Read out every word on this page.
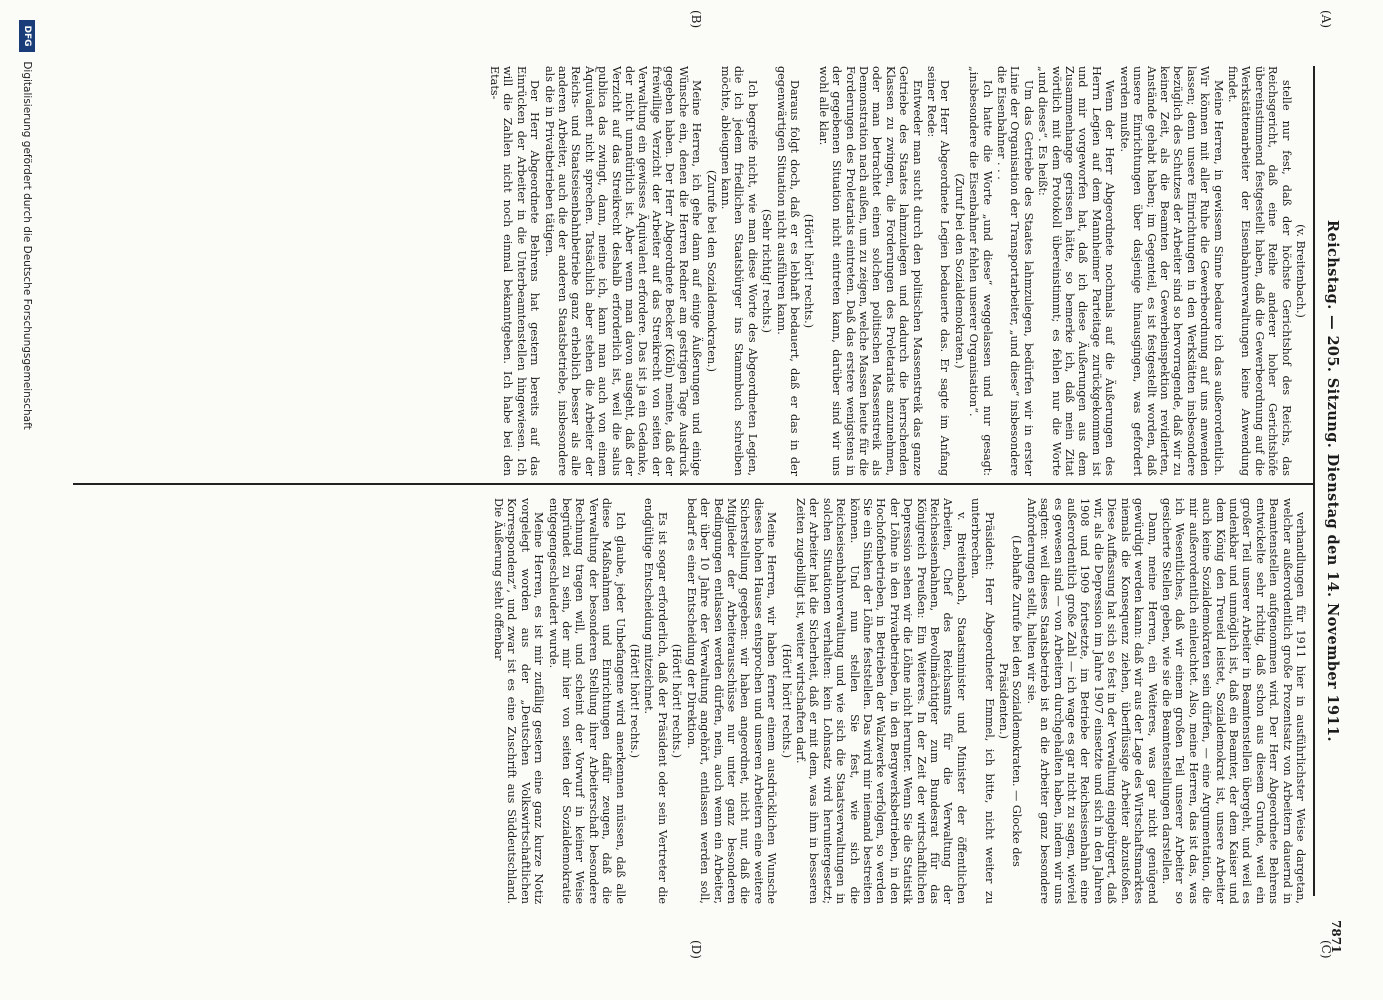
Reichstag. — 205. Sitzung. Dienstag den 14. November 1911.

(v. Breitenbach.)

stelle nur fest, daß der höchste Gerichtshof des Reichs, das Reichsgericht, daß eine Reihe anderer hoher Gerichtshöfe übereinstimmend festgestellt haben, daß die Gewerbeordnung auf die Werkstättenarbeiter der Eisenbahnverwaltungen keine Anwendung findet.

Meine Herren, in gewissem Sinne bedaure ich das außerordentlich. Wir können mit aller Ruhe die Gewerbeordnung auf uns anwenden lassen; denn unsere Einrichtungen in den Werkstätten insbesondere bezüglich des Schutzes der Arbeiter sind so hervorragende, daß wir zu keiner Zeit, als die Beamten der Gewerbeinspektion revidierten, Anstände gehabt haben; im Gegenteil, es ist festgestellt worden, daß unsere Einrichtungen über dasjenige hinausgingen, was gefordert werden mußte.

Wenn der Herr Abgeordnete nochmals auf die Äußerungen des Herrn Legien auf dem Mannheimer Parteitage zurückgekommen ist und mir vorgeworfen hat, daß ich diese Äußerungen aus dem Zusammenhange gerissen hätte, so bemerke ich, daß mein Zitat wörtlich mit dem Protokoll übereinstimmt; es fehlen nur die Worte „und dieses“. Es heißt:

Um das Getriebe des Staates lahmzulegen, bedürfen wir in erster Linie der Organisation der Transportarbeiter, „und diese“ insbesondere die Eisenbahner . . .

Ich hatte die Worte „und diese“ weggelassen und nur gesagt: „insbesondere die Eisenbahner fehlen unserer Organisation“.

(Zuruf bei den Sozialdemokraten.)

Der Herr Abgeordnete Legien bedauerte das. Er sagte im Anfang seiner Rede:

Entweder man sucht durch den politischen Massenstreik das ganze Getriebe des Staates lahmzulegen und dadurch die herrschenden Klassen zu zwingen, die Forderungen des Proletariats anzunehmen, oder man betrachtet einen solchen politischen Massenstreik als Demonstration nach außen, um zu zeigen, welche Massen heute für die Forderungen des Proletariats eintreten. Daß das erstere wenigstens in der gegebenen Situation nicht eintreten kann, darüber sind wir uns wohl alle klar.

(Hört! hört! rechts.)

Daraus folgt doch, daß er es lebhaft bedauert, daß er das in der gegenwärtigen Situation nicht ausführen kann.

(Sehr richtig! rechts.)

Ich begreife nicht, wie man diese Worte des Abgeordneten Legien, die ich jedem friedlichen Staatsbürger ins Stammbuch schreiben möchte, ableugnen kann.

(Zurufe bei den Sozialdemokraten.)

Meine Herren, ich gehe dann auf einige Äußerungen und einige Wünsche ein, denen die Herren Redner am gestrigen Tage Ausdruck gegeben haben. Der Herr Abgeordnete Becker (Köln) meinte, daß der freiwillige Verzicht der Arbeiter auf das Streikrecht von seiten der Verwaltung ein gewisses Äquivalent erfordere. Das ist ja ein Gedanke, der nicht unnatürlich ist. Aber wenn man davon ausgeht, daß der Verzicht auf das Streikrecht deshalb erforderlich ist, weil die salus publica das zwingt, dann, meine ich, kann man auch von einem Äquivalent nicht sprechen. Tatsächlich aber stehen die Arbeiter der Reichs- und Staatseisenbahnbetriebe ganz erheblich besser als alle anderen Arbeiter, auch die der anderen Staatsbetriebe, insbesondere als die in Privatbetrieben tätigen.

Der Herr Abgeordnete Behrens hat gestern bereits auf das Einrücken der Arbeiter in die Unterbeamtenstellen hingewiesen. Ich will die Zahlen nicht noch einmal bekanntgeben. Ich habe bei den Etats-

verhandlungen für 1911 hier in ausführlichster Weise dargetan, welcher außerordentlich große Prozentsatz von Arbeitern dauernd in Beamtenstellen aufgenommen wird. Der Herr Abgeordnete Behrens entwickelte sehr richtig, daß schon aus diesem Grunde, weil ein großer Teil unserer Arbeiter in Beamtenstellen übergeht, und weil es undenkbar und unmöglich ist, daß ein Beamter, der dem Kaiser und dem König den Treueid leistet, Sozialdemokrat ist, unsere Arbeiter auch keine Sozialdemokraten sein dürfen, — eine Argumentation, die mir außerordentlich einleuchtet. Also, meine Herren, das ist das, was ich Wesentliches, daß wir einem großen Teil unserer Arbeiter so gesicherte Stellen geben, wie sie die Beamtenstellungen darstellen.

Dann, meine Herren, ein Weiteres, was gar nicht genügend gewürdigt werden kann: daß wir aus der Lage des Wirtschaftsmarktes niemals die Konsequenz ziehen, überflüssige Arbeiter abzustoßen. Diese Auffassung hat sich so fest in der Verwaltung eingebürgert, daß wir, als die Depression im Jahre 1907 einsetzte und sich in den Jahren 1908 und 1909 fortsetzte, im Betriebe der Reichseisenbahn eine außerordentlich große Zahl — ich wage es gar nicht zu sagen, wieviel es gewesen sind — von Arbeitern durchgehalten haben, indem wir uns sagten: weil dieses Staatsbetrieb ist an die Arbeiter ganz besondere Anforderungen stellt, halten wir sie.

(Lebhafte Zurufe bei den Sozialdemokraten. — Glocke des Präsidenten.)

Präsident: Herr Abgeordneter Emmel, ich bitte, nicht weiter zu unterbrechen.

v. Breitenbach, Staatsminister und Minister der öffentlichen Arbeiten, Chef des Reichsamts für die Verwaltung der Reichseisenbahnen, Bevollmächtigter zum Bundesrat für das Königreich Preußen: Ein Weiteres. In der Zeit der wirtschaftlichen Depression sehen wir die Löhne nicht herunter. Wenn Sie die Statistik der Löhne in den Privatbetrieben, in den Bergwerksbetrieben, in den Hochofenbetrieben, in Betrieben der Walzwerke verfolgen, so werden Sie ein Sinken der Löhne feststellen. Das wird mir niemand bestreiten können. Und nun stellen Sie fest, wie sich die Reichseisenbahnverwaltung und wie sich die Staatsverwaltungen in solchen Situationen verhalten: kein Lohnsatz wird heruntergesetzt; der Arbeiter hat die Sicherheit, daß er mit dem, was ihm in besseren Zeiten zugebilligt ist, weiter wirtschaften darf.

(Hört! hört! rechts.)

Meine Herren, wir haben ferner einem ausdrücklichen Wunsche dieses hohen Hauses entsprochen und unseren Arbeitern eine weitere Sicherstellung gegeben: wir haben angeordnet, nicht nur, daß die Mitglieder der Arbeiterausschüsse nur unter ganz besonderen Bedingungen entlassen werden dürfen, nein, auch wenn ein Arbeiter, der über 10 Jahre der Verwaltung angehört, entlassen werden soll, bedarf es einer Entscheidung der Direktion.

(Hört! hört! rechts.)

Es ist sogar erforderlich, daß der Präsident oder sein Vertreter die endgültige Entscheidung mitzeichnet.

(Hört! hört! rechts.)

Ich glaube, jeder Unbefangene wird anerkennen müssen, daß alle diese Maßnahmen und Einrichtungen dafür zeugen, daß die Verwaltung der besonderen Stellung ihrer Arbeiterschaft besondere Rechnung tragen will, und scheint der Vorwurf in keiner Weise begründet zu sein, der mir hier von seiten der Sozialdemokratie entgegengeschleudert wurde.

Meine Herren, es ist mir zufällig gestern eine ganz kurze Notiz vorgelegt worden aus der „Deutschen Volkswirtschaftlichen Korrespondenz“, und zwar ist es eine Zuschrift aus Süddeutschland. Die Äußerung steht offenbar

(A)
(B)
(C)
(D)	7871
DFG Digitalisierung gefördert durch die Deutsche Forschungsgemeinschaft
